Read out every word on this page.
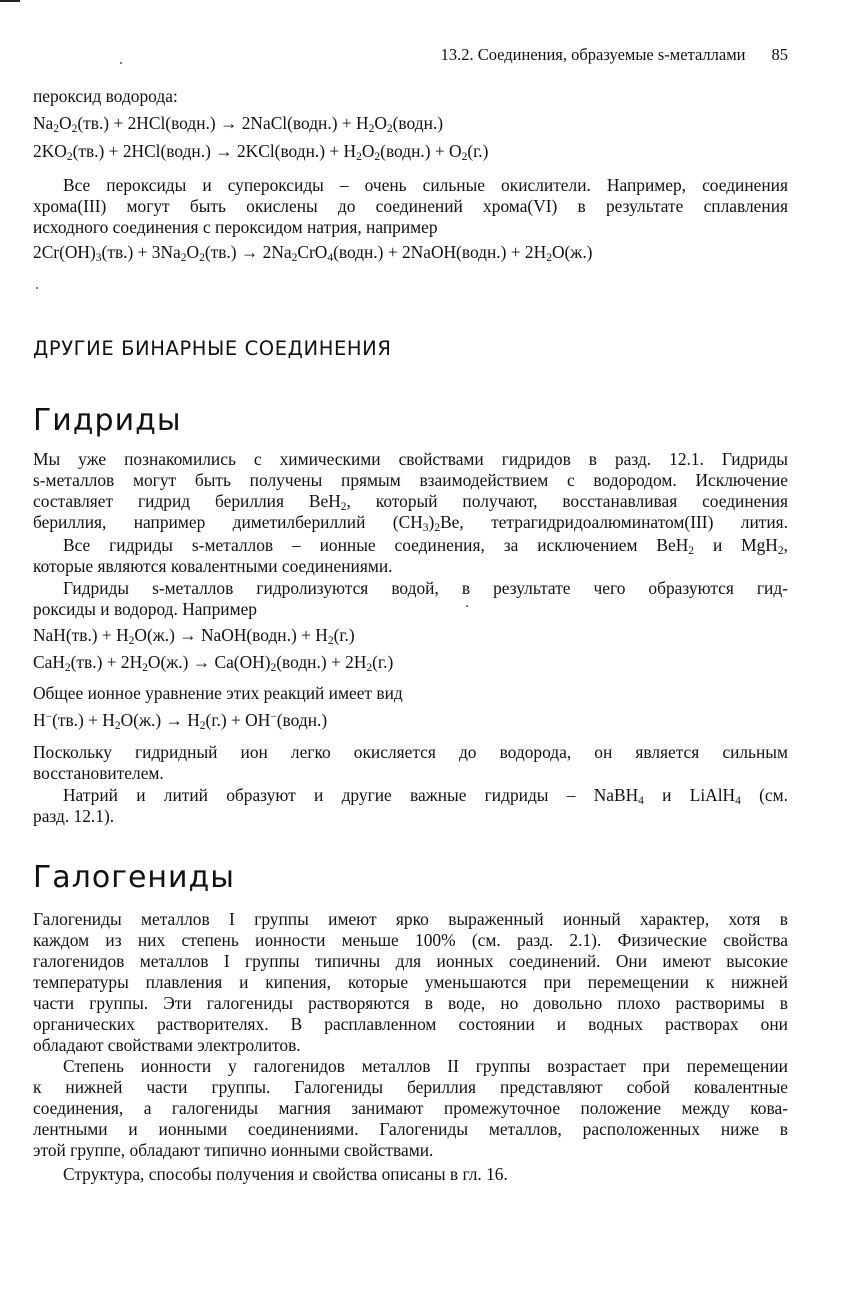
13.2. Соединения, образуемые s-металлами 85
пероксид водорода:
$Na_2O_2(тв.)$ + 2HCl(водн.) → 2NaCl(водн.) + $H_2O_2(водн.)$
$2KO_2(тв.)$ + 2HCl(водн.) → 2KCl(водн.) + $H_2O_2(водн.) + O_2(г.)$
Все пероксиды и супероксиды – очень сильные окислители. Например, соединения
хрома(III) могут быть окислены до соединений хрома(VI) в результате сплавления
исходного соединения с пероксидом натрия, например
$2Cr(OH)_3(тв.) + 3Na_2O_2(тв.)$ → $2Na_2CrO_4(водн.)$ + 2NaOH(водн.) + $2H_2O(ж.)$
ДРУГИЕ БИНАРНЫЕ СОЕДИНЕНИЯ
Гидриды
Мы уже познакомились с химическими свойствами гидридов в разд. 12.1. Гидриды
s-металлов могут быть получены прямым взаимодействием с водородом. Исключение
составляет гидрид бериллия BeH$_2$, который получают, восстанавливая соединения
бериллия, например диметилбериллий $(CH_3)_2Be$, тетрагидридоалюминатом(III) лития.
Все гидриды s-металлов – ионные соединения, за исключением BeH$_2$ и MgH$_2$,
которые являются ковалентными соединениями.
Гидриды s-металлов гидролизуются водой, в результате чего образуются гид-
роксиды и водород. Например
$NaH(тв.) + H_2O(ж.)$ → NaOH(водн.) + $H_2(г.)$
$CaH_2(тв.) + 2H_2O(ж.)$ → $Ca(OH)_2(водн.) + 2H_2(г.)$
Общее ионное уравнение этих реакций имеет вид
$H^-(тв.) + H_2O(ж.) \to H_2(г.)$ + OH−(водн.)
Поскольку гидридный ион легко окисляется до водорода, он является сильным
восстановителем.
Натрий и литий образуют и другие важные гидриды – NaBH$_4$ и LiAlH$_4$ (см.
разд. 12.1).
Галогениды
Галогениды металлов I группы имеют ярко выраженный ионный характер, хотя в
каждом из них степень ионности меньше 100% (см. разд. 2.1). Физические свойства
галогенидов металлов I группы типичны для ионных соединений. Они имеют высокие
температуры плавления и кипения, которые уменьшаются при перемещении к нижней
части группы. Эти галогениды растворяются в воде, но довольно плохо растворимы в
органических растворителях. В расплавленном состоянии и водных растворах они
обладают свойствами электролитов.
Степень ионности у галогенидов металлов II группы возрастает при перемещении
к нижней части группы. Галогениды бериллия представляют собой ковалентные
соединения, а галогениды магния занимают промежуточное положение между кова-
лентными и ионными соединениями. Галогениды металлов, расположенных ниже в
этой группе, обладают типично ионными свойствами.
Структура, способы получения и свойства описаны в гл. 16.
